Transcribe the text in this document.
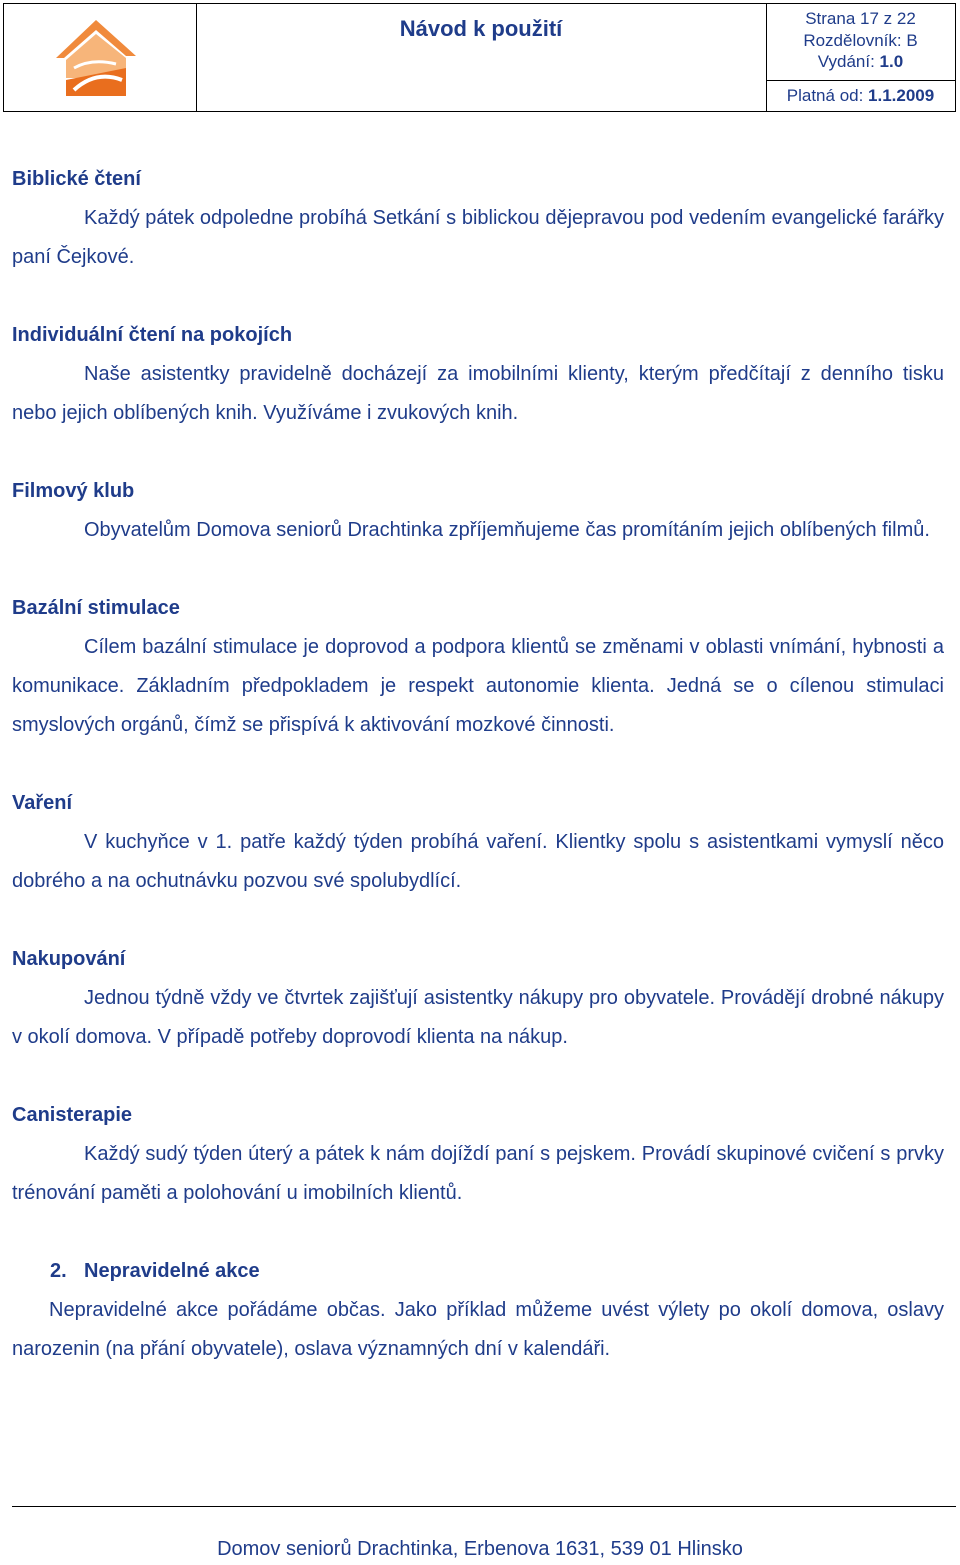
Návod k použití	Strana 17 z 22
Rozdělovník: B
Vydání: 1.0
Platná od: 1.1.2009
Biblické čtení

Každý pátek odpoledne probíhá Setkání s biblickou dějepravou pod vedením evangelické farářky paní Čejkové.

Individuální čtení na pokojích

Naše asistentky pravidelně docházejí za imobilními klienty, kterým předčítají z denního tisku nebo jejich oblíbených knih. Využíváme i zvukových knih.

Filmový klub

Obyvatelům Domova seniorů Drachtinka zpříjemňujeme čas promítáním jejich oblíbených filmů.

Bazální stimulace

Cílem bazální stimulace je doprovod a podpora klientů se změnami v oblasti vnímání, hybnosti a komunikace. Základním předpokladem je respekt autonomie klienta. Jedná se o cílenou stimulaci smyslových orgánů, čímž se přispívá k aktivování mozkové činnosti.

Vaření

V kuchyňce v 1. patře každý týden probíhá vaření. Klientky spolu s asistentkami vymyslí něco dobrého a na ochutnávku pozvou své spolubydlící.

Nakupování

Jednou týdně vždy ve čtvrtek zajišťují asistentky nákupy pro obyvatele. Provádějí drobné nákupy v okolí domova. V případě potřeby doprovodí klienta na nákup.

Canisterapie

Každý sudý týden úterý a pátek k nám dojíždí paní s pejskem. Provádí skupinové cvičení s prvky trénování paměti a polohování u imobilních klientů.

2. Nepravidelné akce

Nepravidelné akce pořádáme občas. Jako příklad můžeme uvést výlety po okolí domova, oslavy narozenin (na přání obyvatele), oslava významných dní v kalendáři.

Domov seniorů Drachtinka, Erbenova 1631, 539 01 Hlinsko
